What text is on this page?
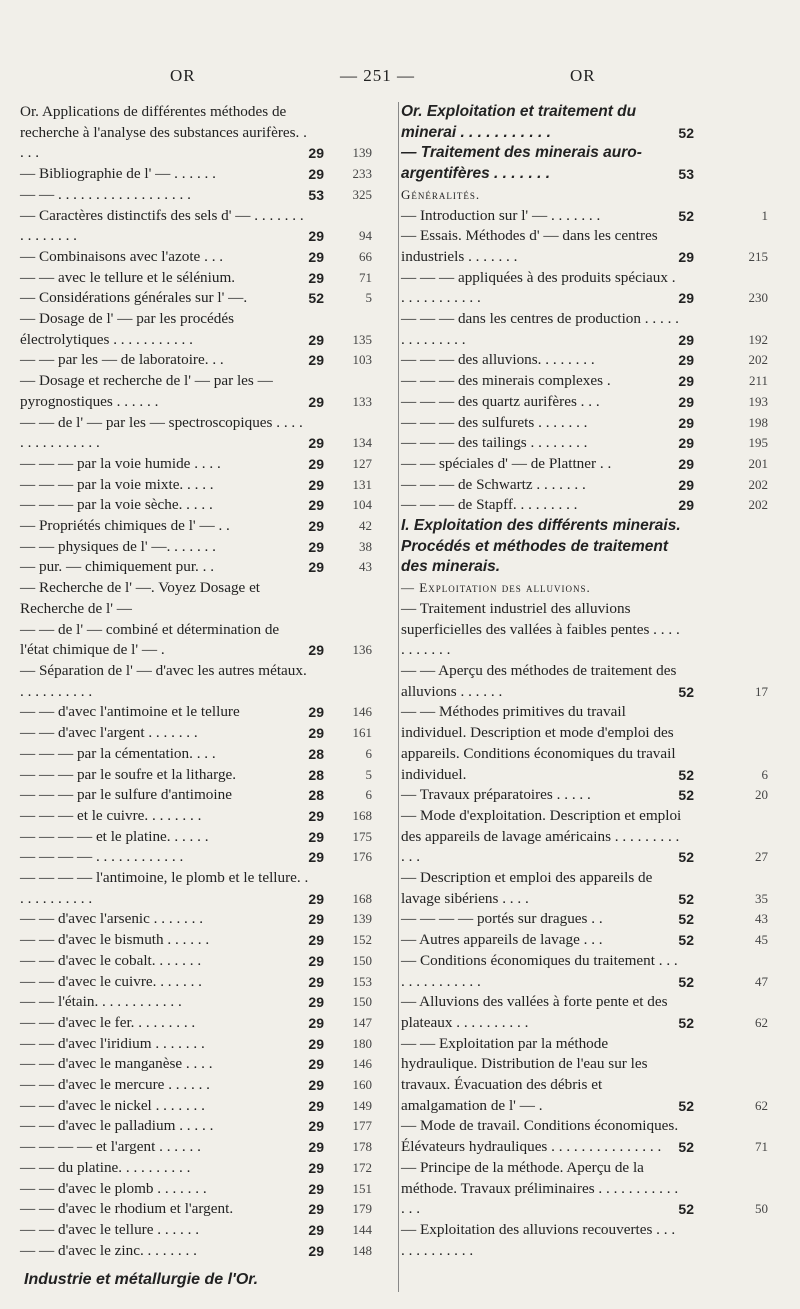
OR	— 251 —	OR
Or. Applications de différentes méthodes de recherche à l'analyse des substances aurifères. . . . .	29 139
— Bibliographie de l' — . . . . . .	29 233
— — . . . . . . . . . . . . . . . . . .	53 325
— Caractères distinctifs des sels d' — . . . . . . . . . . . . . . .	29	94
— Combinaisons avec l'azote . . .	29	66
— — avec le tellure et le sélénium.	29	71
— Considérations générales sur l' —.	52	5
— Dosage de l' — par les procédés électrolytiques . . . . . . . . . . .	29 135
— — par les — de laboratoire. . .	29 103
— Dosage et recherche de l' — par les — pyrognostiques . . . . . .	29 133
— — de l' — par les — spectroscopiques . . . . . . . . . . . . . . .	29 134
— — — par la voie humide . . . .	29 127
— — — par la voie mixte. . . . .	29 131
— — — par la voie sèche. . . . .	29 104
— Propriétés chimiques de l' — . .	29	42
— — physiques de l' —. . . . . . .	29	38
— pur. — chimiquement pur. . .	29	43
— Recherche de l' —. Voyez Dosage et Recherche de l' —
— — de l' — combiné et détermination de l'état chimique de l' — .	29 136
— Séparation de l' — d'avec les autres métaux. . . . . . . . . . .
— — d'avec l'antimoine et le tellure	29 146
— — d'avec l'argent . . . . . . .	29 161
— — — par la cémentation. . . .	28	6
— — — par le soufre et la litharge.	28	5
— — — par le sulfure d'antimoine	28	6
— — — et le cuivre. . . . . . . .	29 168
— — — — et le platine. . . . . .	29 175
— — — — . . . . . . . . . . . .	29 176
— — — — l'antimoine, le plomb et le tellure. . . . . . . . . . . .	29 168
— — d'avec l'arsenic . . . . . . .	29 139
— — d'avec le bismuth . . . . . .	29 152
— — d'avec le cobalt. . . . . . .	29 150
— — d'avec le cuivre. . . . . . .	29 153
— — l'étain. . . . . . . . . . . .	29 150
— — d'avec le fer. . . . . . . . .	29 147
— — d'avec l'iridium . . . . . . .	29 180
— — d'avec le manganèse . . . .	29 146
— — d'avec le mercure . . . . . .	29 160
— — d'avec le nickel . . . . . . .	29 149
— — d'avec le palladium . . . . .	29 177
— — — — et l'argent . . . . . .	29 178
— — du platine. . . . . . . . . .	29 172
— — d'avec le plomb . . . . . . .	29 151
— — d'avec le rhodium et l'argent.	29 179
— — d'avec le tellure . . . . . .	29 144
— — d'avec le zinc. . . . . . . .	29 148
Or. Exploitation et traitement du minerai . . . . . . . . . . .	52
— Traitement des minerais auro-argentifères . . . . . . .	53
Généralités.
— Introduction sur l' — . . . . . . .	52	1
— Essais. Méthodes d' — dans les centres industriels . . . . . . .	29	215
— — — appliquées à des produits spéciaux . . . . . . . . . . . .	29	230
— — — dans les centres de production . . . . . . . . . . . . . .	29	192
— — — des alluvions. . . . . . . .	29	202
— — — des minerais complexes .	29	211
— — — des quartz aurifères . . .	29	193
— — — des sulfurets . . . . . . .	29	198
— — — des tailings . . . . . . . .	29	195
— — spéciales d' — de Plattner . .	29	201
— — — de Schwartz . . . . . . .	29	202
— — — de Stapff. . . . . . . . .	29	202
I. Exploitation des différents minerais. Procédés et méthodes de traitement des minerais.
— Exploitation des alluvions.
— Traitement industriel des alluvions superficielles des vallées à faibles pentes . . . . . . . . . . .
— — Aperçu des méthodes de traitement des alluvions . . . . . .	52	17
— — Méthodes primitives du travail individuel. Description et mode d'emploi des appareils. Conditions économiques du travail individuel.	52	6
— Travaux préparatoires . . . . .	52	20
— Mode d'exploitation. Description et emploi des appareils de lavage américains . . . . . . . . . . . .	52	27
— Description et emploi des appareils de lavage sibériens . . . .	52	35
— — — — portés sur dragues . .	52	43
— Autres appareils de lavage . . .	52	45
— Conditions économiques du traitement . . . . . . . . . . . . . .	52	47
— Alluvions des vallées à forte pente et des plateaux . . . . . . . . . .	52	62
— — Exploitation par la méthode hydraulique. Distribution de l'eau sur les travaux. Évacuation des débris et amalgamation de l' — .	52	62
— Mode de travail. Conditions économiques. Élévateurs hydrauliques . . . . . . . . . . . . . . .	52	71
— Principe de la méthode. Aperçu de la méthode. Travaux préliminaires . . . . . . . . . . . . . .	52	50
— Exploitation des alluvions recouvertes . . . . . . . . . . . . .
Industrie et métallurgie de l'Or.
